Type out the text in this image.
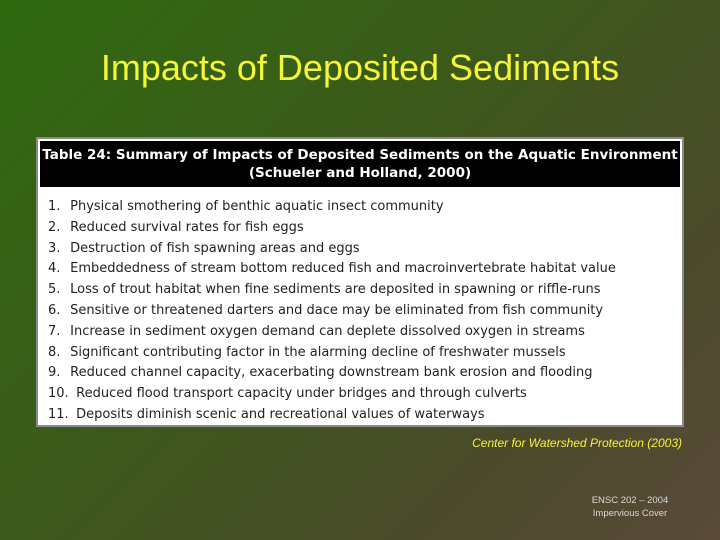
Impacts of Deposited Sediments
Table 24: Summary of Impacts of Deposited Sediments on the Aquatic Environment
(Schueler and Holland, 2000)
1. Physical smothering of benthic aquatic insect community
2. Reduced survival rates for fish eggs
3. Destruction of fish spawning areas and eggs
4. Embeddedness of stream bottom reduced fish and macroinvertebrate habitat value
5. Loss of trout habitat when fine sediments are deposited in spawning or riffle-runs
6. Sensitive or threatened darters and dace may be eliminated from fish community
7. Increase in sediment oxygen demand can deplete dissolved oxygen in streams
8. Significant contributing factor in the alarming decline of freshwater mussels
9. Reduced channel capacity, exacerbating downstream bank erosion and flooding
10. Reduced flood transport capacity under bridges and through culverts
11. Deposits diminish scenic and recreational values of waterways
Center for Watershed Protection (2003)
ENSC 202 – 2004
Impervious Cover
